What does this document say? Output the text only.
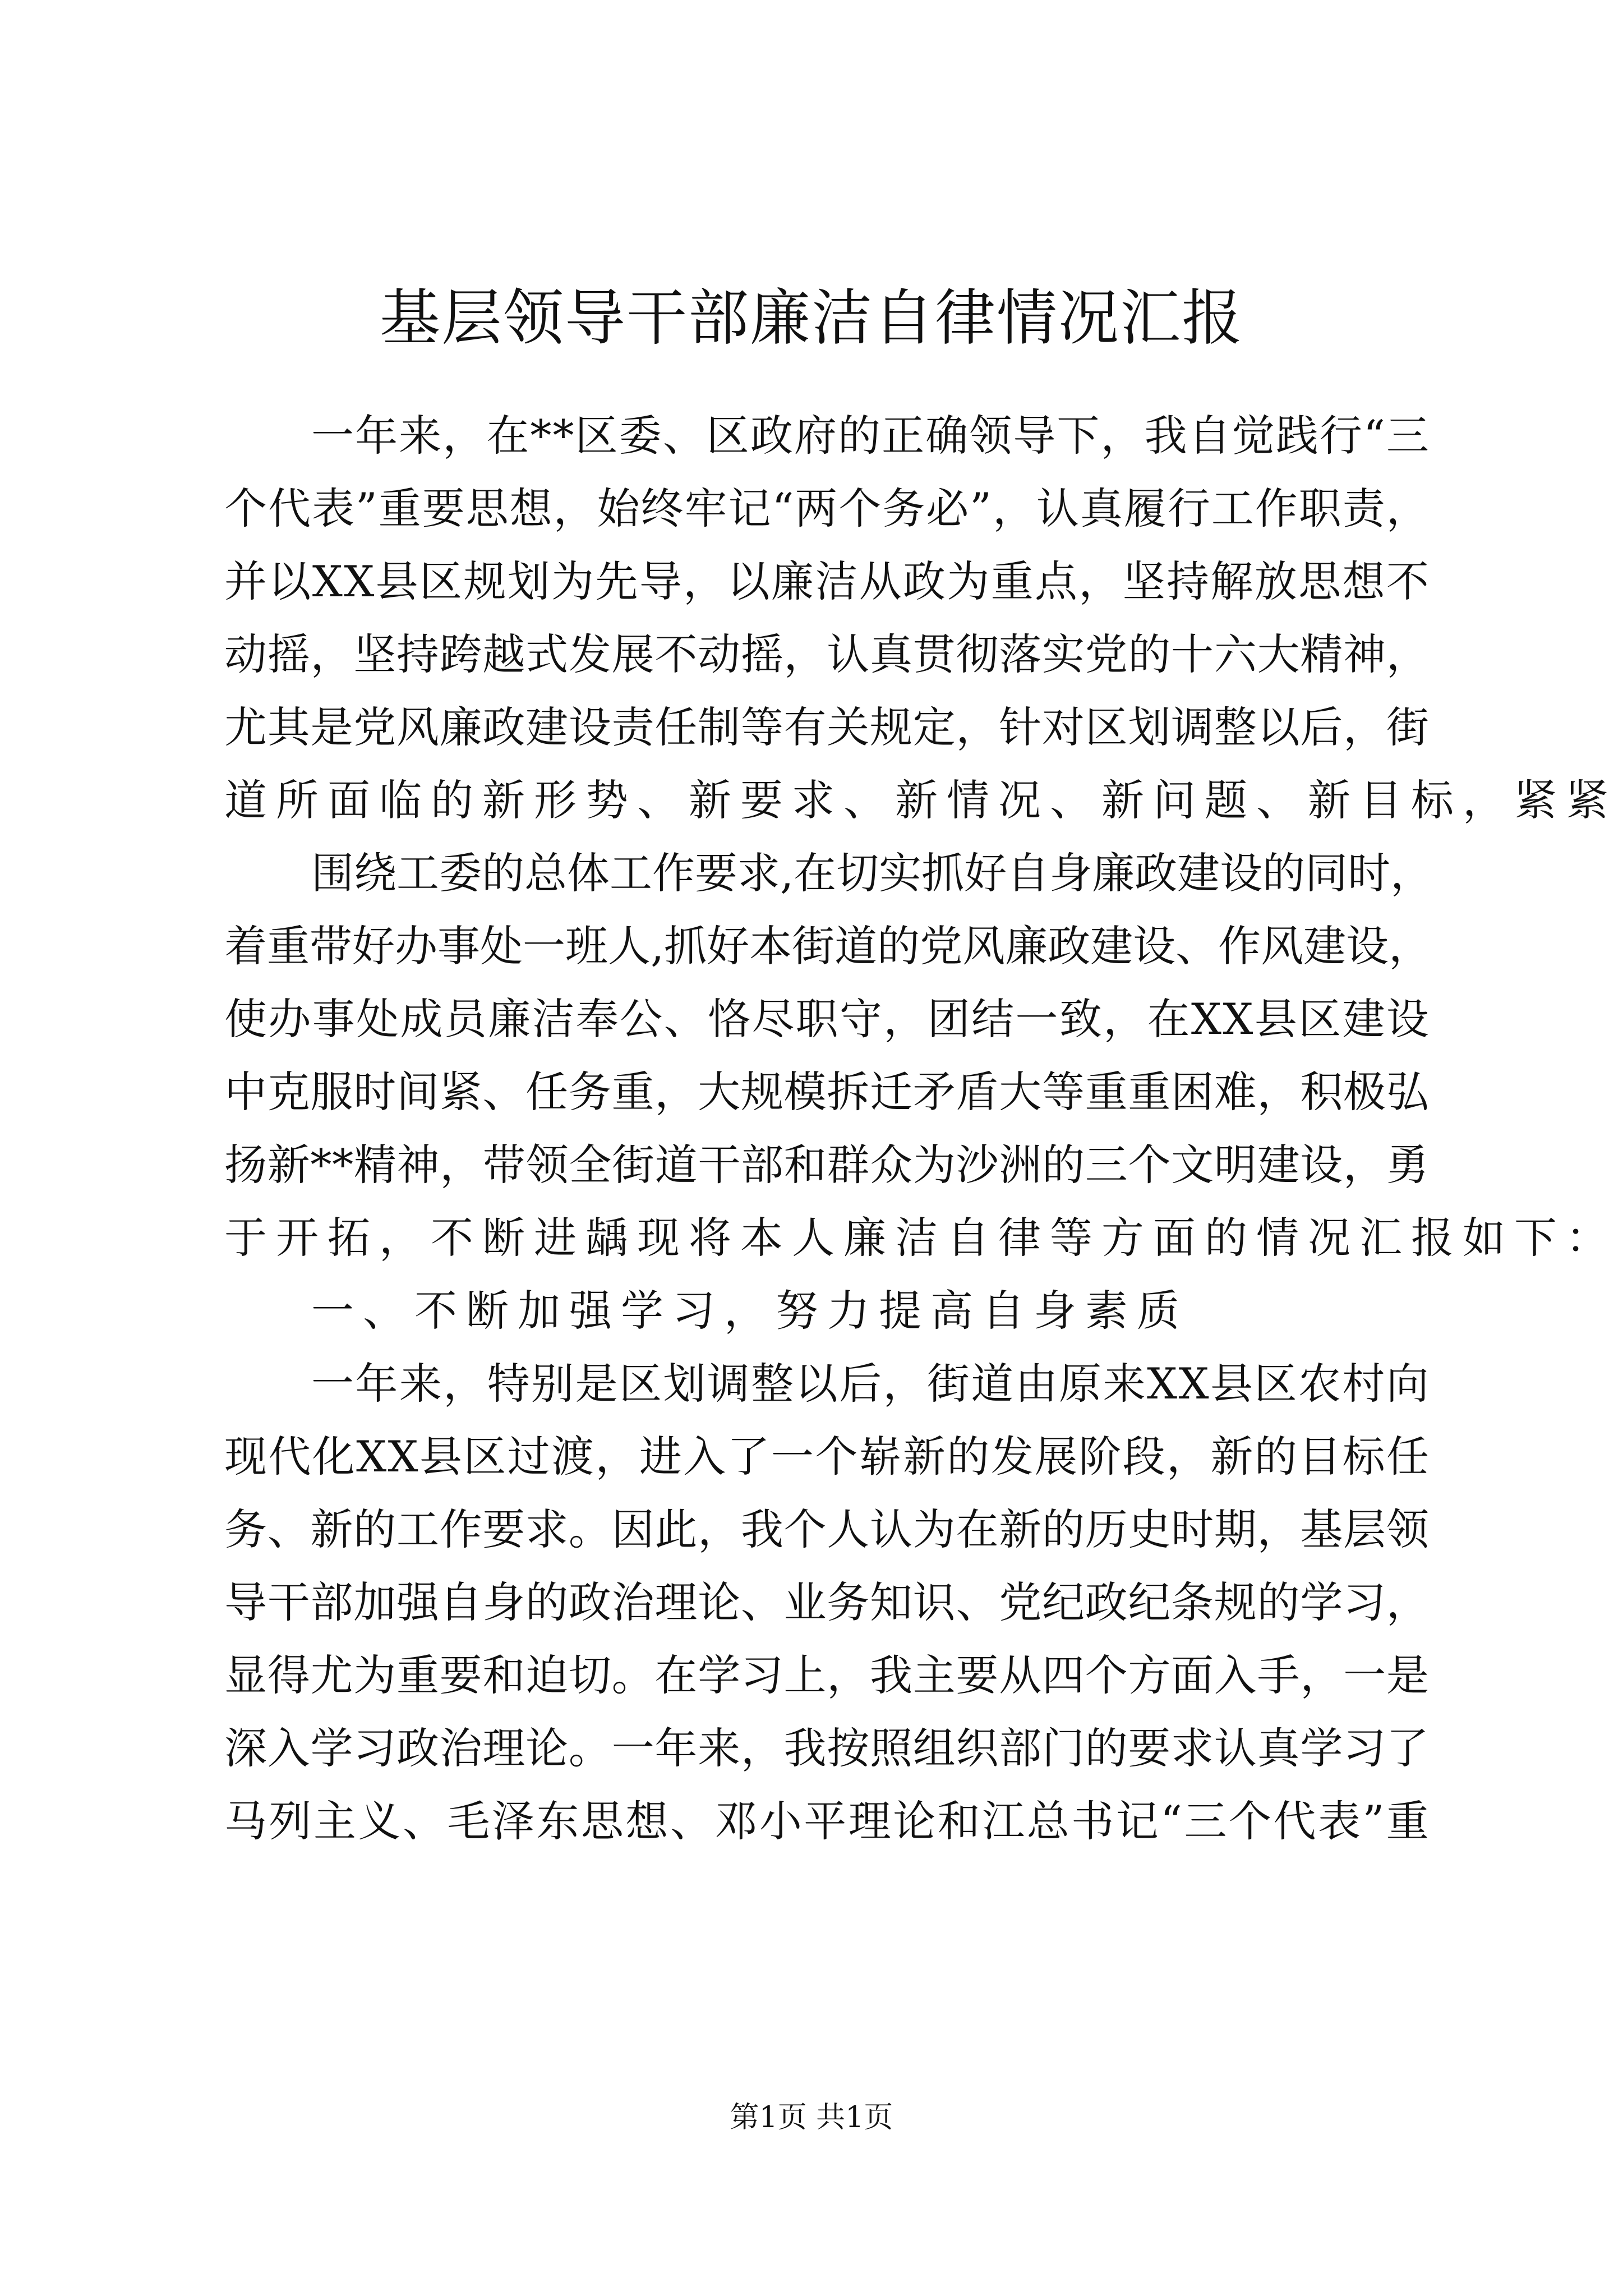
基层领导干部廉洁自律情况汇报

一 年 来 ， 在 * * 区 委 、 区 政 府 的 正 确 领 导 下 ， 我 自 觉 践 行 “ 三

个 代 表 ” 重 要 思 想 ， 始 终 牢 记 “ 两 个 务 必 ” ， 认 真 履 行 工 作 职 责 ，

并 以 X X 县 区 规 划 为 先 导 ， 以 廉 洁 从 政 为 重 点 ， 坚 持 解 放 思 想 不

动 摇 ， 坚 持 跨 越 式 发 展 不 动 摇 ， 认 真 贯 彻 落 实 党 的 十 六 大 精 神 ，

尤 其 是 党 风 廉 政 建 设 责 任 制 等 有 关 规 定 ， 针 对 区 划 调 整 以 后 ， 街

道所面临的新形势、新要求、新情况、新问题、新目标，紧紧

围 绕 工 委 的 总 体 工 作 要 求 , 在 切 实 抓 好 自 身 廉 政 建 设 的 同 时 ，

着 重 带 好 办 事 处 一 班 人 , 抓 好 本 街 道 的 党 风 廉 政 建 设 、 作 风 建 设 ，

使 办 事 处 成 员 廉 洁 奉 公 、 恪 尽 职 守 ， 团 结 一 致 ， 在 X X 县 区 建 设

中 克 服 时 间 紧 、 任 务 重 ， 大 规 模 拆 迁 矛 盾 大 等 重 重 困 难 ， 积 极 弘

扬 新 * * 精 神 ， 带 领 全 街 道 干 部 和 群 众 为 沙 洲 的 三 个 文 明 建 设 ， 勇

于开拓，不断进龋现将本人廉洁自律等方面的情况汇报如下：

一、不断加强学习，努力提高自身素质

一 年 来 ， 特 别 是 区 划 调 整 以 后 ， 街 道 由 原 来 X X 县 区 农 村 向

现 代 化 X X 县 区 过 渡 ， 进 入 了 一 个 崭 新 的 发 展 阶 段 ， 新 的 目 标 任

务 、 新 的 工 作 要 求 。 因 此 ， 我 个 人 认 为 在 新 的 历 史 时 期 ， 基 层 领

导 干 部 加 强 自 身 的 政 治 理 论 、 业 务 知 识 、 党 纪 政 纪 条 规 的 学 习 ，

显 得 尤 为 重 要 和 迫 切 。 在 学 习 上 ， 我 主 要 从 四 个 方 面 入 手 ， 一 是

深 入 学 习 政 治 理 论 。 一 年 来 ， 我 按 照 组 织 部 门 的 要 求 认 真 学 习 了

马 列 主 义 、 毛 泽 东 思 想 、 邓 小 平 理 论 和 江 总 书 记 “ 三 个 代 表 ” 重

第1页 共1页
